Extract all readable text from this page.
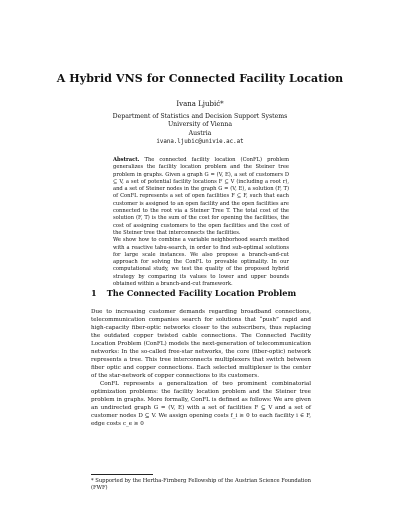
A Hybrid VNS for Connected Facility Location
Ivana Ljubić*
Department of Statistics and Decision Support Systems
University of Vienna
Austria
ivana.ljubic@univie.ac.at

Abstract. The connected facility location (ConFL) problem generalizes the facility location problem and the Steiner tree problem in graphs. Given a graph G = (V, E), a set of customers D ⊆ V, a set of potential facility locations F ⊆ V (including a root r), and a set of Steiner nodes in the graph G = (V, E), a solution (F, T) of ConFL represents a set of open facilities F ⊆ F, such that each customer is assigned to an open facility and the open facilities are connected to the root via a Steiner Tree T. The total cost of the solution (F, T) is the sum of the cost for opening the facilities, the cost of assigning customers to the open facilities and the cost of the Steiner tree that interconnects the facilities.

We show how to combine a variable neighborhood search method with a reactive tabu-search, in order to find sub-optimal solutions for large scale instances. We also propose a branch-and-cut approach for solving the ConFL to provable optimality. In our computational study, we test the quality of the proposed hybrid strategy by comparing its values to lower and upper bounds obtained within a branch-and-cut framework.

1 The Connected Facility Location Problem

Due to increasing customer demands regarding broadband connections, telecommunication companies search for solutions that “push” rapid and high-capacity fiber-optic networks closer to the subscribers, thus replacing the outdated copper twisted cable connections. The Connected Facility Location Problem (ConFL) models the next-generation of telecommunication networks: In the so-called free-star networks, the core (fiber-optic) network represents a tree. This tree interconnects multiplexers that switch between fiber optic and copper connections. Each selected multiplexer is the center of the star-network of copper connections to its customers.

ConFL represents a generalization of two prominent combinatorial optimization problems: the facility location problem and the Steiner tree problem in graphs. More formally, ConFL is defined as follows: We are given an undirected graph G = (V, E) with a set of facilities F ⊆ V and a set of customer nodes D ⊆ V. We assign opening costs f_i ≥ 0 to each facility i ∈ F, edge costs c_e ≥ 0

* Supported by the Hertha-Firnberg Fellowship of the Austrian Science Foundation (FWF)
